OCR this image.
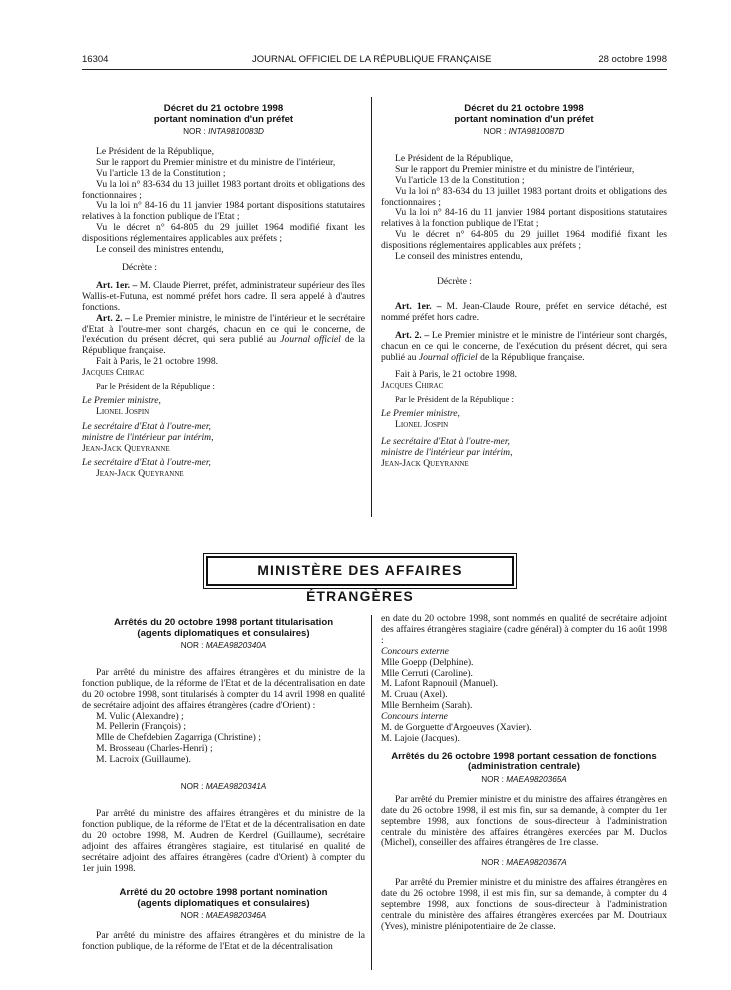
16304	JOURNAL OFFICIEL DE LA RÉPUBLIQUE FRANÇAISE	28 octobre 1998
Décret du 21 octobre 1998
portant nomination d'un préfet
NOR : INTA9810083D

Le Président de la République,

Sur le rapport du Premier ministre et du ministre de l'intérieur,

Vu l'article 13 de la Constitution ;

Vu la loi n° 83-634 du 13 juillet 1983 portant droits et obligations des fonctionnaires ;

Vu la loi n° 84-16 du 11 janvier 1984 portant dispositions statutaires relatives à la fonction publique de l'Etat ;

Vu le décret n° 64-805 du 29 juillet 1964 modifié fixant les dispositions réglementaires applicables aux préfets ;

Le conseil des ministres entendu,

Décrète :

Art. 1er. – M. Claude Pierret, préfet, administrateur supérieur des îles Wallis-et-Futuna, est nommé préfet hors cadre. Il sera appelé à d'autres fonctions.

Art. 2. – Le Premier ministre, le ministre de l'intérieur et le secrétaire d'Etat à l'outre-mer sont chargés, chacun en ce qui le concerne, de l'exécution du présent décret, qui sera publié au Journal officiel de la République française.

Fait à Paris, le 21 octobre 1998.

Jacques Chirac

Par le Président de la République :

Le Premier ministre,

Lionel Jospin

Le secrétaire d'Etat à l'outre-mer,

ministre de l'intérieur par intérim,

Jean-Jack Queyranne

Le secrétaire d'Etat à l'outre-mer,

Jean-Jack Queyranne

Décret du 21 octobre 1998
portant nomination d'un préfet
NOR : INTA9810087D

Le Président de la République,

Sur le rapport du Premier ministre et du ministre de l'intérieur,

Vu l'article 13 de la Constitution ;

Vu la loi n° 83-634 du 13 juillet 1983 portant droits et obligations des fonctionnaires ;

Vu la loi n° 84-16 du 11 janvier 1984 portant dispositions statutaires relatives à la fonction publique de l'Etat ;

Vu le décret n° 64-805 du 29 juillet 1964 modifié fixant les dispositions réglementaires applicables aux préfets ;

Le conseil des ministres entendu,

Décrète :

Art. 1er. – M. Jean-Claude Roure, préfet en service détaché, est nommé préfet hors cadre.

Art. 2. – Le Premier ministre et le ministre de l'intérieur sont chargés, chacun en ce qui le concerne, de l'exécution du présent décret, qui sera publié au Journal officiel de la République française.

Fait à Paris, le 21 octobre 1998.

Jacques Chirac

Par le Président de la République :

Le Premier ministre,

Lionel Jospin

Le secrétaire d'Etat à l'outre-mer,

ministre de l'intérieur par intérim,

Jean-Jack Queyranne

MINISTÈRE DES AFFAIRES ÉTRANGÈRES
Arrêtés du 20 octobre 1998 portant titularisation
(agents diplomatiques et consulaires)
NOR : MAEA9820340A

Par arrêté du ministre des affaires étrangères et du ministre de la fonction publique, de la réforme de l'Etat et de la décentralisation en date du 20 octobre 1998, sont titularisés à compter du 14 avril 1998 en qualité de secrétaire adjoint des affaires étrangères (cadre d'Orient) :

M. Vulic (Alexandre) ;

M. Pellerin (François) ;

Mlle de Chefdebien Zagarriga (Christine) ;

M. Brosseau (Charles-Henri) ;

M. Lacroix (Guillaume).

NOR : MAEA9820341A

Par arrêté du ministre des affaires étrangères et du ministre de la fonction publique, de la réforme de l'Etat et de la décentralisation en date du 20 octobre 1998, M. Audren de Kerdrel (Guillaume), secrétaire adjoint des affaires étrangères stagiaire, est titularisé en qualité de secrétaire adjoint des affaires étrangères (cadre d'Orient) à compter du 1er juin 1998.

Arrêté du 20 octobre 1998 portant nomination
(agents diplomatiques et consulaires)
NOR : MAEA9820346A

Par arrêté du ministre des affaires étrangères et du ministre de la fonction publique, de la réforme de l'Etat et de la décentralisation

en date du 20 octobre 1998, sont nommés en qualité de secrétaire adjoint des affaires étrangères stagiaire (cadre général) à compter du 16 août 1998 :

Concours externe

Mlle Goepp (Delphine).

Mlle Cerruti (Caroline).

M. Lafont Rapnouil (Manuel).

M. Cruau (Axel).

Mlle Bernheim (Sarah).

Concours interne

M. de Gorguette d'Argoeuves (Xavier).

M. Lajoie (Jacques).

Arrêtés du 26 octobre 1998 portant cessation de fonctions
(administration centrale)
NOR : MAEA9820365A

Par arrêté du Premier ministre et du ministre des affaires étrangères en date du 26 octobre 1998, il est mis fin, sur sa demande, à compter du 1er septembre 1998, aux fonctions de sous-directeur à l'administration centrale du ministère des affaires étrangères exercées par M. Duclos (Michel), conseiller des affaires étrangères de 1re classe.

NOR : MAEA9820367A

Par arrêté du Premier ministre et du ministre des affaires étrangères en date du 26 octobre 1998, il est mis fin, sur sa demande, à compter du 4 septembre 1998, aux fonctions de sous-directeur à l'administration centrale du ministère des affaires étrangères exercées par M. Doutriaux (Yves), ministre plénipotentiaire de 2e classe.
